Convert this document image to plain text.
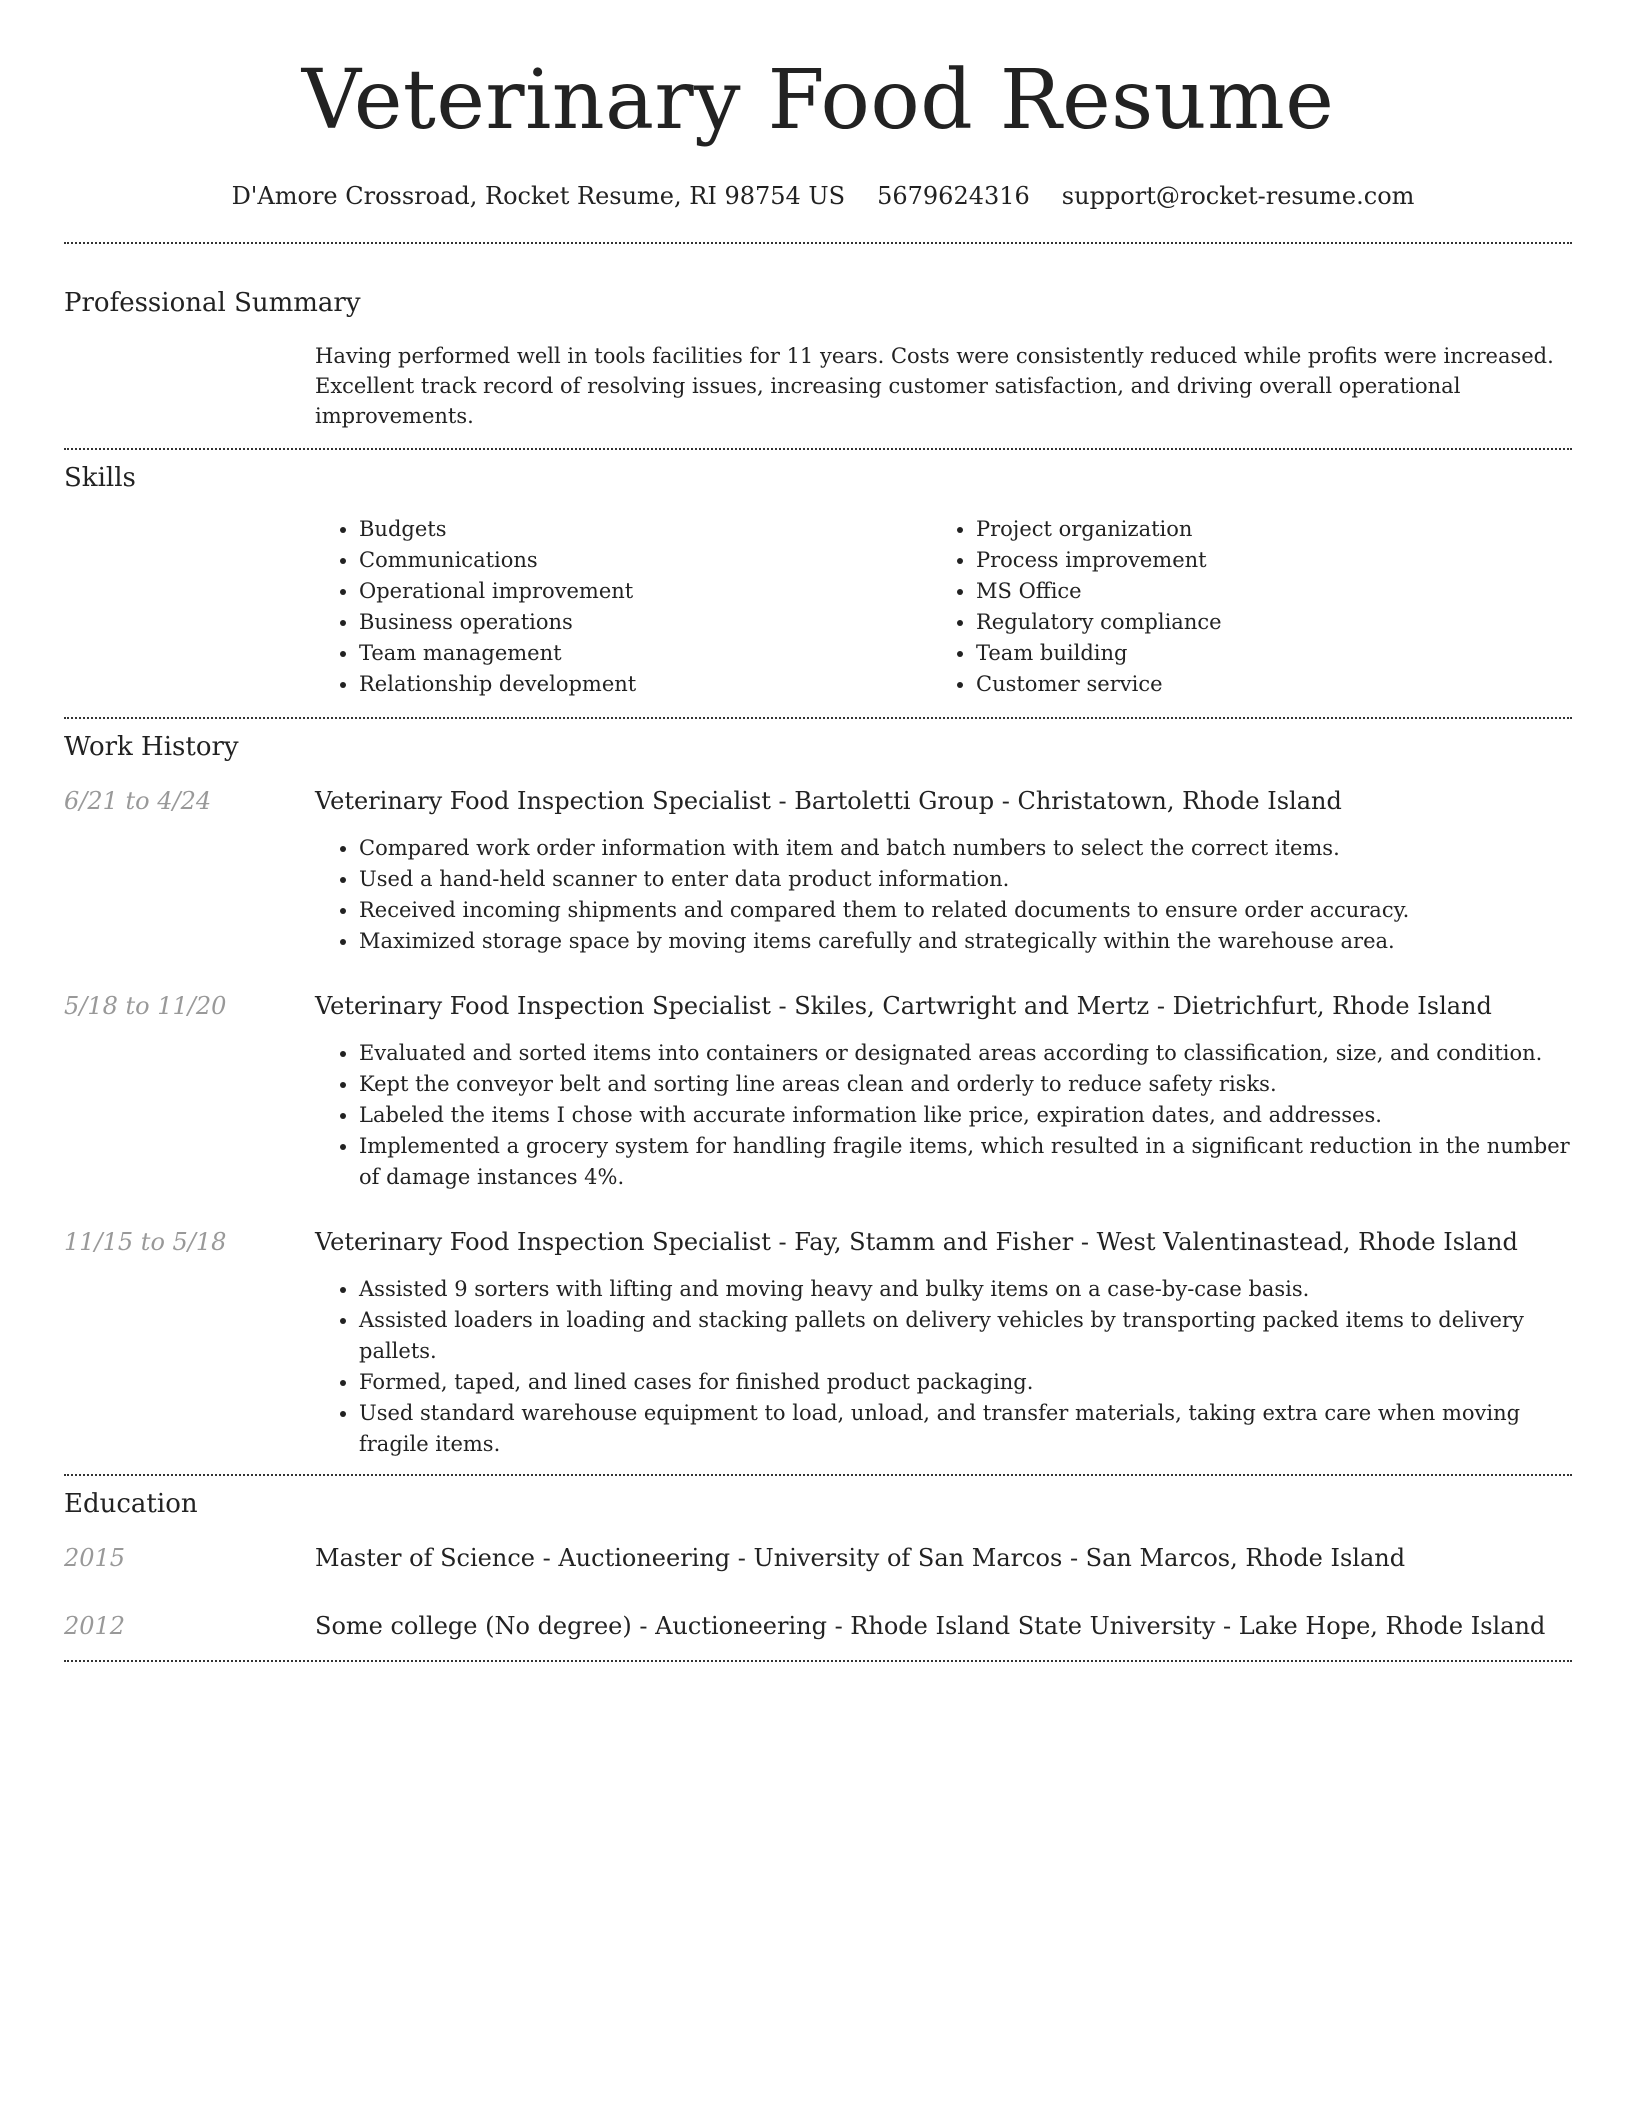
Veterinary Food Resume
D'Amore Crossroad, Rocket Resume, RI 98754 US 5679624316 support@rocket-resume.com
Professional Summary
Having performed well in tools facilities for 11 years. Costs were consistently reduced while profits were increased. Excellent track record of resolving issues, increasing customer satisfaction, and driving overall operational improvements.
Skills
• Budgets
• Communications
• Operational improvement
• Business operations
• Team management
• Relationship development
• Project organization
• Process improvement
• MS Office
• Regulatory compliance
• Team building
• Customer service
Work History
6/21 to 4/24	Veterinary Food Inspection Specialist - Bartoletti Group - Christatown, Rhode Island
• Compared work order information with item and batch numbers to select the correct items.
• Used a hand-held scanner to enter data product information.
• Received incoming shipments and compared them to related documents to ensure order accuracy.
• Maximized storage space by moving items carefully and strategically within the warehouse area.
5/18 to 11/20	Veterinary Food Inspection Specialist - Skiles, Cartwright and Mertz - Dietrichfurt, Rhode Island
• Evaluated and sorted items into containers or designated areas according to classification, size, and condition.
• Kept the conveyor belt and sorting line areas clean and orderly to reduce safety risks.
• Labeled the items I chose with accurate information like price, expiration dates, and addresses.
• Implemented a grocery system for handling fragile items, which resulted in a significant reduction in the number of damage instances 4%.
11/15 to 5/18	Veterinary Food Inspection Specialist - Fay, Stamm and Fisher - West Valentinastead, Rhode Island
• Assisted 9 sorters with lifting and moving heavy and bulky items on a case-by-case basis.
• Assisted loaders in loading and stacking pallets on delivery vehicles by transporting packed items to delivery pallets.
• Formed, taped, and lined cases for finished product packaging.
• Used standard warehouse equipment to load, unload, and transfer materials, taking extra care when moving fragile items.
Education
2015	Master of Science - Auctioneering - University of San Marcos - San Marcos, Rhode Island
2012	Some college (No degree) - Auctioneering - Rhode Island State University - Lake Hope, Rhode Island
